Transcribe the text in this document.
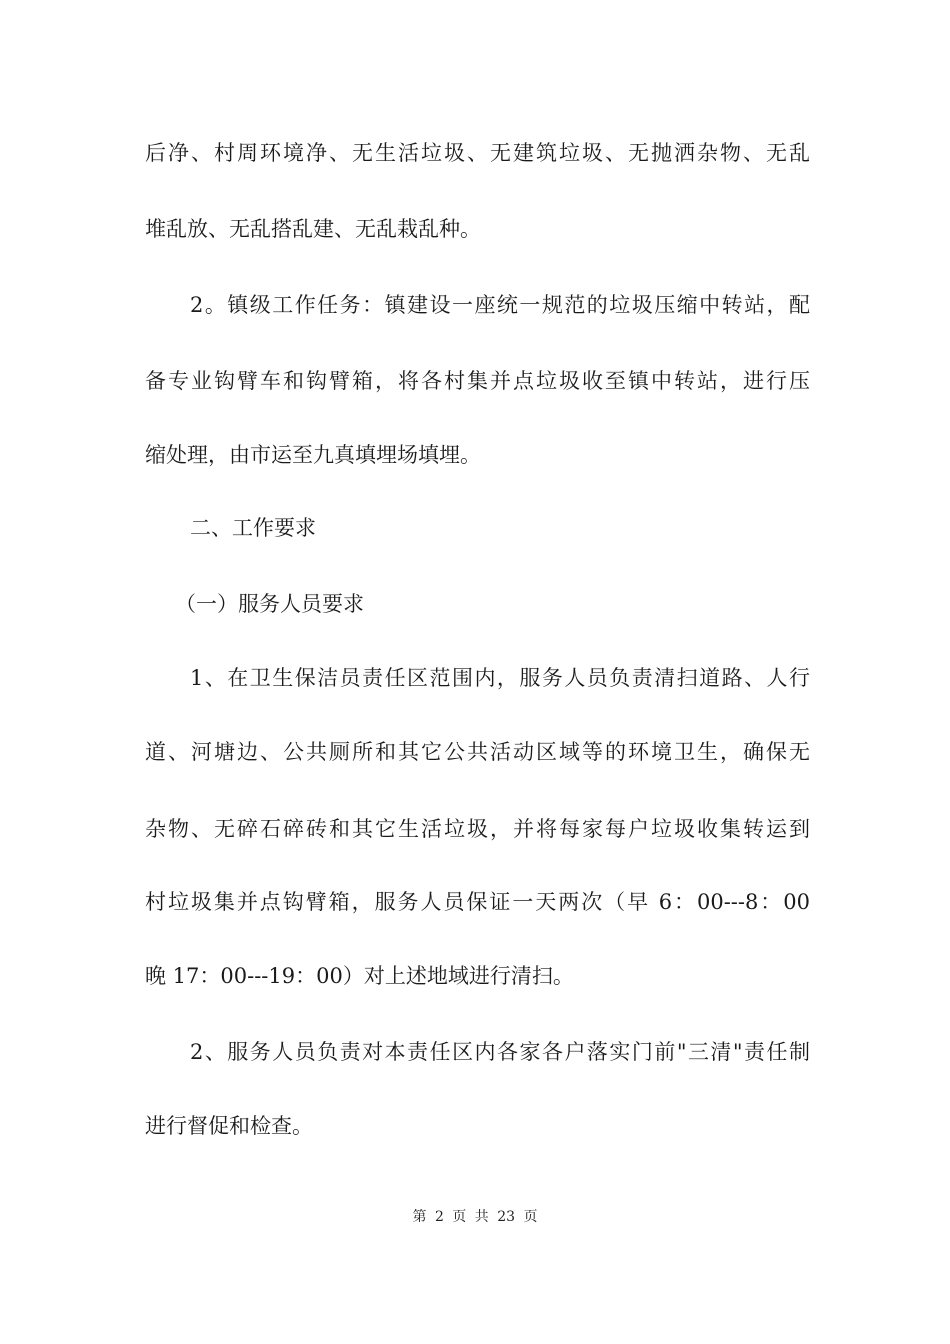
后净、村周环境净、无生活垃圾、无建筑垃圾、无抛洒杂物、无乱
堆乱放、无乱搭乱建、无乱栽乱种。
2。镇级工作任务：镇建设一座统一规范的垃圾压缩中转站，配
备专业钩臂车和钩臂箱，将各村集并点垃圾收至镇中转站，进行压
缩处理，由市运至九真填埋场填埋。
二、工作要求
（一）服务人员要求
1、在卫生保洁员责任区范围内，服务人员负责清扫道路、人行
道、河塘边、公共厕所和其它公共活动区域等的环境卫生，确保无
杂物、无碎石碎砖和其它生活垃圾，并将每家每户垃圾收集转运到
村垃圾集并点钩臂箱，服务人员保证一天两次（早 6：00---8：00
晚 17：00---19：00）对上述地域进行清扫。
2、服务人员负责对本责任区内各家各户落实门前"三清"责任制
进行督促和检查。
第 2 页 共 23 页
